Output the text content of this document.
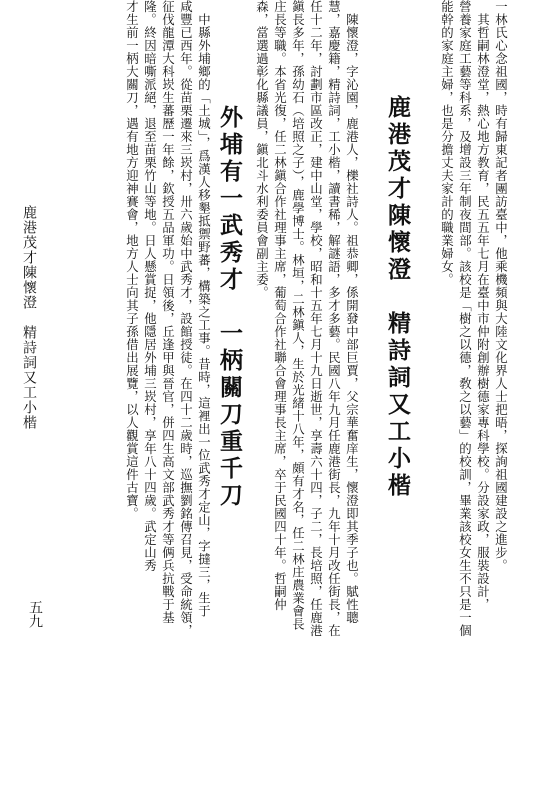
一林氏心念祖國，時有歸東記者團訪臺中，他乘機頻與大陸文化界人士把晤，探詢祖國建設之進步。
　其哲嗣林澄堂，熱心地方教育，民五五年七月在臺中市仲附創辦樹德家專科學校。分設家政，服裝設計，
營養家庭工藝等科系，及增設三年制夜間部。該校是「樹之以德，敎之以藝」的校訓，畢業該校女生不只是一個
能幹的家庭主婦，也是分擔丈夫家計的職業婦女。
鹿港茂才陳懷澄　精詩詞又工小楷
　陳懷澄，字沁園，鹿港人，櫟社詩人。祖恭卿，係開發中部巨賈，父宗華奮庠生，懷澄即其季子也。賦性聰
慧，嘉慶籍，精詩詞，工小楷，讀書稀，解謎語，多才多藝。民國八年九月任鹿港街長，九年十月改任街長，在
任十二年，討劃市區改正，建中山堂，學校，昭和十五年七月十九日逝世，享壽六十四，子二，長培照，任鹿港
鎭長多年，孫幼石（培照之子），鹿學博士。林垣，二林鎭人，生於光緒十八年，頗有才名，任二林庄農業會長
庄長等職。本省光復，任二林鎭合作社理事主席，葡萄合作社聯合會理事長主席，卒于民國四十年。哲嗣仲
森，當選過彰化縣議員，鎭北斗水利委員會副主委。
外埔有一武秀才　一柄關刀重千刀
　中縣外埔鄉的「土城」，爲漢人移墾抵禦野蕃，構築之工事。昔時，這裡出一位武秀才定山，字撻三，生于
咸豐已西年。從苗栗遷來三崁村，卅六歲始中武秀才，設館授徒。在四十二歲時，巡撫劉銘傳召見，受命統領，
征伐龍潭大科崁生蕃歷一年餘，欽授五品軍功。日領後，丘逢甲與晉官，併四生高文部武秀才等俩兵抗戰于基
隆。終因暗嘶派絕，退至苗栗竹山等地。日人懸賞捉，他隱居外埔三崁村，享年八十四歲。武定山秀
才生前一柄大關刀，遇有地方迎神賽會，地方人士向其子孫借出展覽，以人觀賞這件古寶。
鹿港茂才陳懷澄　精詩詞又工小楷
五九
